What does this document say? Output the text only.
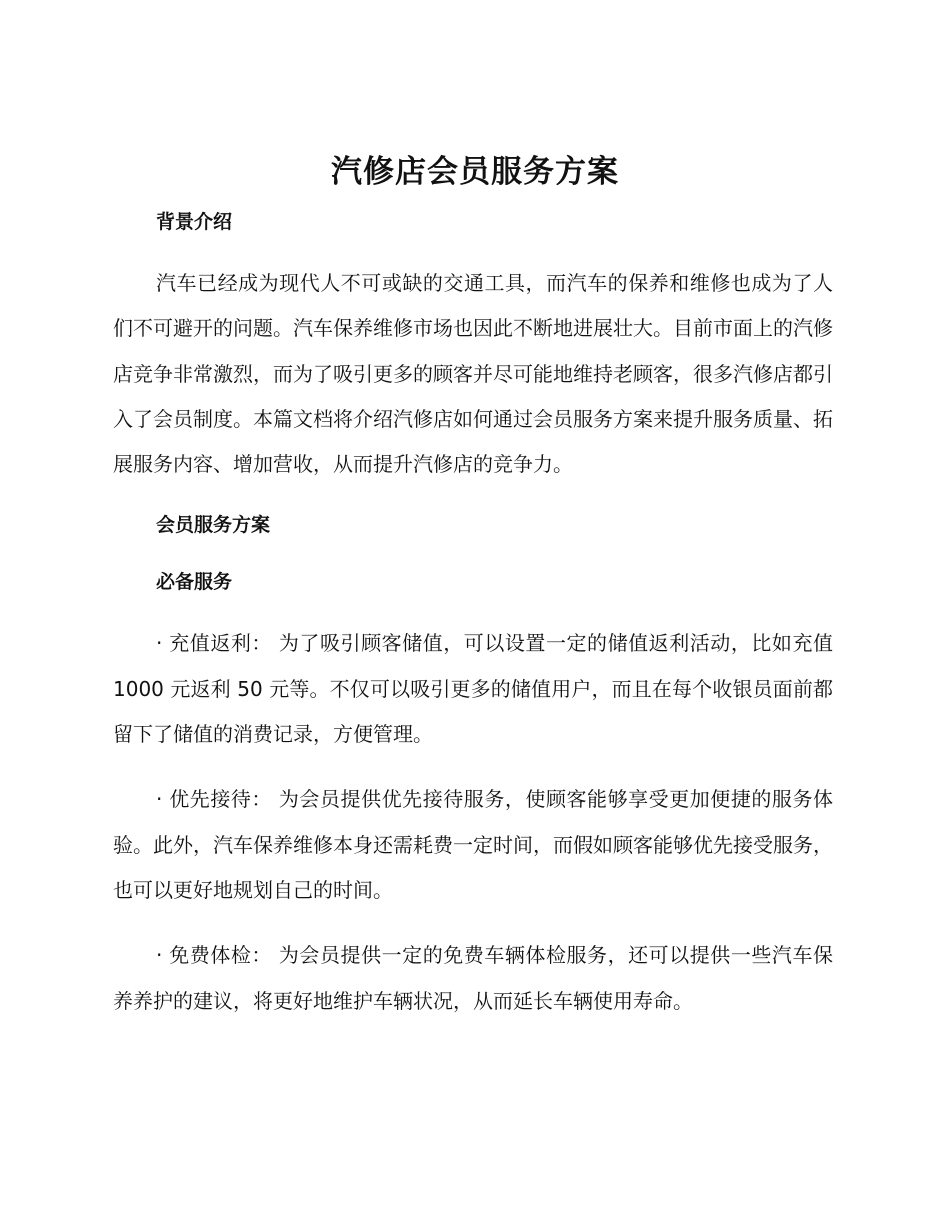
汽修店会员服务方案
背景介绍

汽车已经成为现代人不可或缺的交通工具，而汽车的保养和维修也成为了人们不可避开的问题。汽车保养维修市场也因此不断地进展壮大。目前市面上的汽修店竞争非常激烈，而为了吸引更多的顾客并尽可能地维持老顾客，很多汽修店都引入了会员制度。本篇文档将介绍汽修店如何通过会员服务方案来提升服务质量、拓展服务内容、增加营收，从而提升汽修店的竞争力。

会员服务方案
必备服务

· 充值返利： 为了吸引顾客储值，可以设置一定的储值返利活动，比如充值 1000 元返利 50 元等。不仅可以吸引更多的储值用户，而且在每个收银员面前都留下了储值的消费记录，方便管理。

· 优先接待： 为会员提供优先接待服务，使顾客能够享受更加便捷的服务体验。此外，汽车保养维修本身还需耗费一定时间，而假如顾客能够优先接受服务，也可以更好地规划自己的时间。

· 免费体检： 为会员提供一定的免费车辆体检服务，还可以提供一些汽车保养养护的建议，将更好地维护车辆状况，从而延长车辆使用寿命。
